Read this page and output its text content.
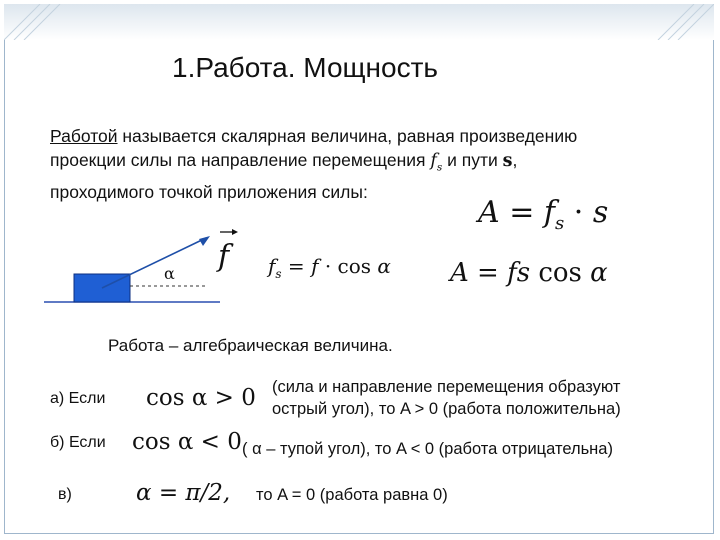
1.Работа. Мощность
Работой называется скалярная величина, равная произведению
проекции силы па направление перемещения $f_s$ и пути s,
проходимого точкой приложения силы:
$A = f_s \cdot s$
α f $f_s = f \cdot \cos \alpha$ A = fs cos α
Работа – алгебраическая величина.
а) Если cos α > 0 (сила и направление перемещения образуют
острый угол), то A > 0 (работа положительна)
б) Если cos α < 0 ( α – тупой угол), то A < 0 (работа отрицательна)
в)	α = π/2, то A = 0 (работа равна 0)
